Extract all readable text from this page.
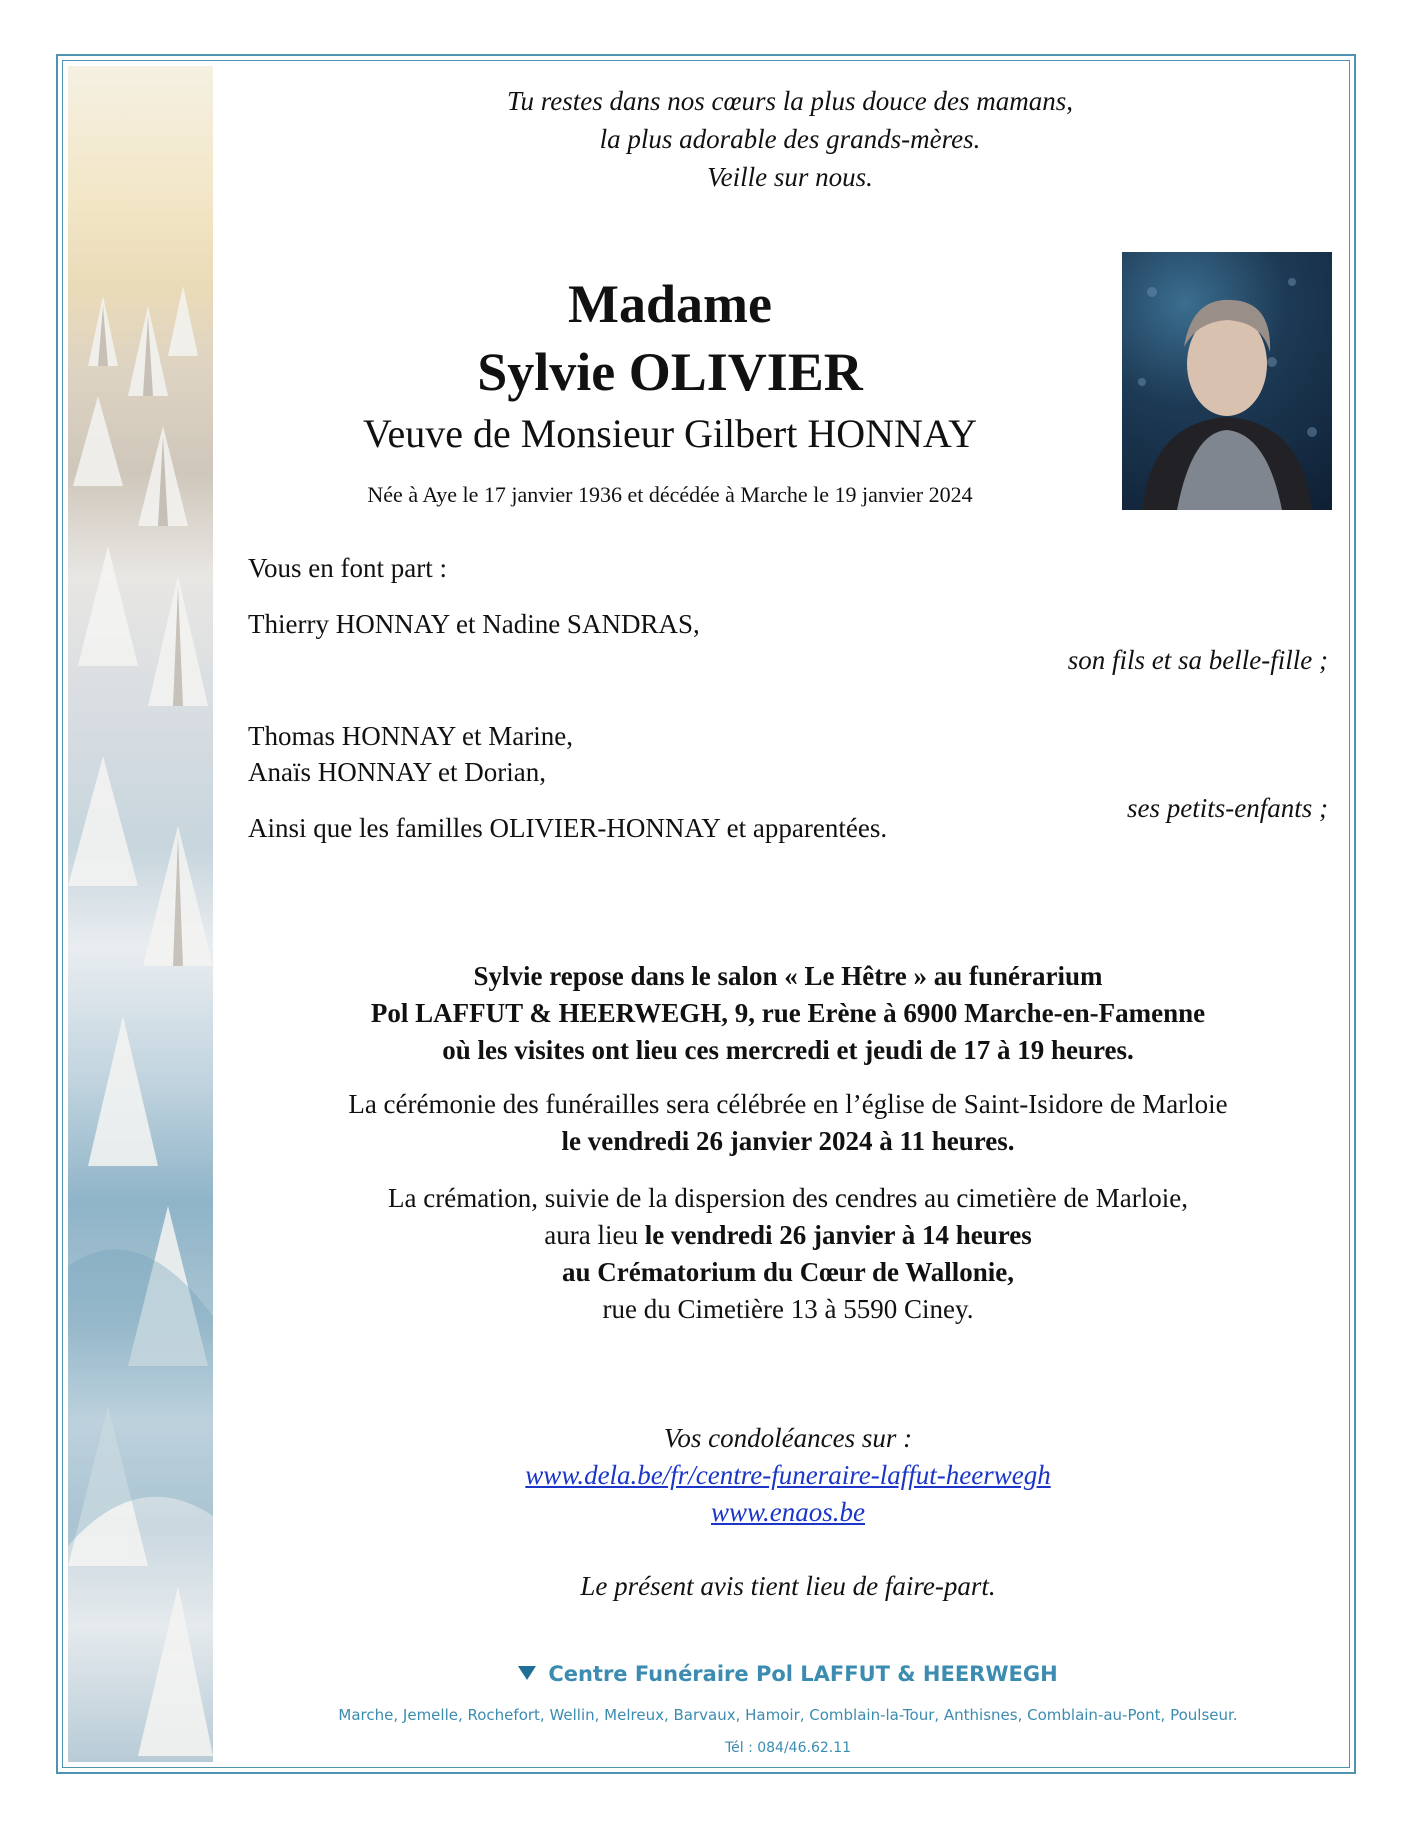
Tu restes dans nos cœurs la plus douce des mamans,
la plus adorable des grands-mères.
Veille sur nous.
Madame
Sylvie OLIVIER
Veuve de Monsieur Gilbert HONNAY
Née à Aye le 17 janvier 1936 et décédée à Marche le 19 janvier 2024
Vous en font part :
Thierry HONNAY et Nadine SANDRAS,
son fils et sa belle-fille ;
Thomas HONNAY et Marine,
Anaïs HONNAY et Dorian,
ses petits-enfants ;
Ainsi que les familles OLIVIER-HONNAY et apparentées.
Sylvie repose dans le salon « Le Hêtre » au funérarium
Pol LAFFUT & HEERWEGH, 9, rue Erène à 6900 Marche-en-Famenne
où les visites ont lieu ces mercredi et jeudi de 17 à 19 heures.
La cérémonie des funérailles sera célébrée en l’église de Saint-Isidore de Marloie
le vendredi 26 janvier 2024 à 11 heures.
La crémation, suivie de la dispersion des cendres au cimetière de Marloie,
aura lieu le vendredi 26 janvier à 14 heures
au Crématorium du Cœur de Wallonie,
rue du Cimetière 13 à 5590 Ciney.
Vos condoléances sur :
www.dela.be/fr/centre-funeraire-laffut-heerwegh
www.enaos.be
Le présent avis tient lieu de faire-part.
Centre Funéraire Pol LAFFUT & HEERWEGH
Marche, Jemelle, Rochefort, Wellin, Melreux, Barvaux, Hamoir, Comblain-la-Tour, Anthisnes, Comblain-au-Pont, Poulseur.
Tél : 084/46.62.11
